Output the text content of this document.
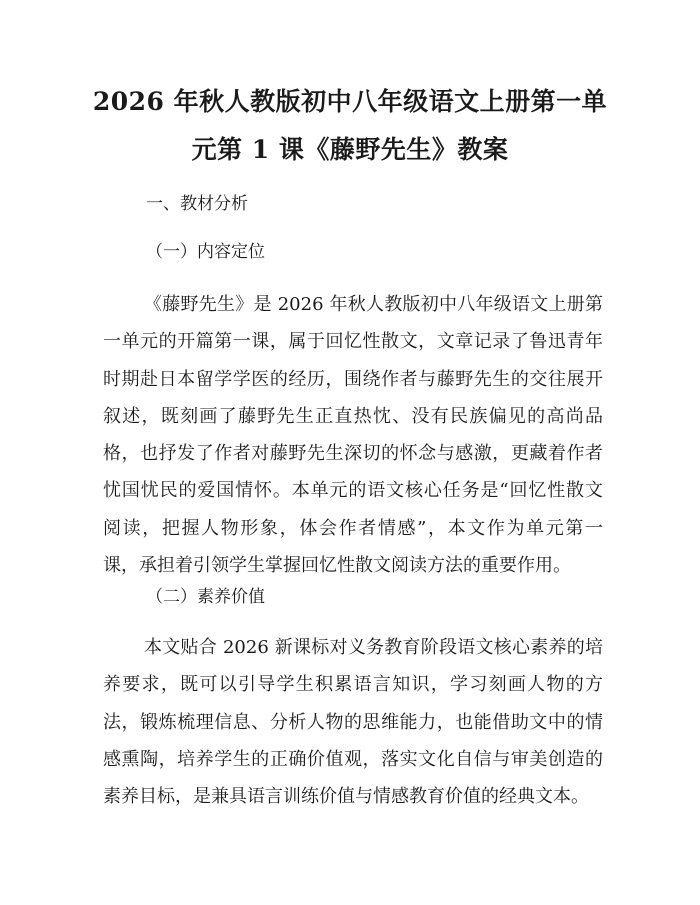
2026 年秋人教版初中八年级语文上册第一单
元第 1 课《藤野先生》教案

一、教材分析

（一）内容定位

《藤野先生》是 2026 年秋人教版初中八年级语文上册第
一单元的开篇第一课，属于回忆性散文，文章记录了鲁迅青年
时期赴日本留学学医的经历，围绕作者与藤野先生的交往展开
叙述，既刻画了藤野先生正直热忱、没有民族偏见的高尚品
格，也抒发了作者对藤野先生深切的怀念与感激，更藏着作者
忧国忧民的爱国情怀。本单元的语文核心任务是“回忆性散文
阅读，把握人物形象，体会作者情感”，本文作为单元第一
课，承担着引领学生掌握回忆性散文阅读方法的重要作用。

（二）素养价值

本文贴合 2026 新课标对义务教育阶段语文核心素养的培
养要求，既可以引导学生积累语言知识，学习刻画人物的方
法，锻炼梳理信息、分析人物的思维能力，也能借助文中的情
感熏陶，培养学生的正确价值观，落实文化自信与审美创造的
素养目标，是兼具语言训练价值与情感教育价值的经典文本。
